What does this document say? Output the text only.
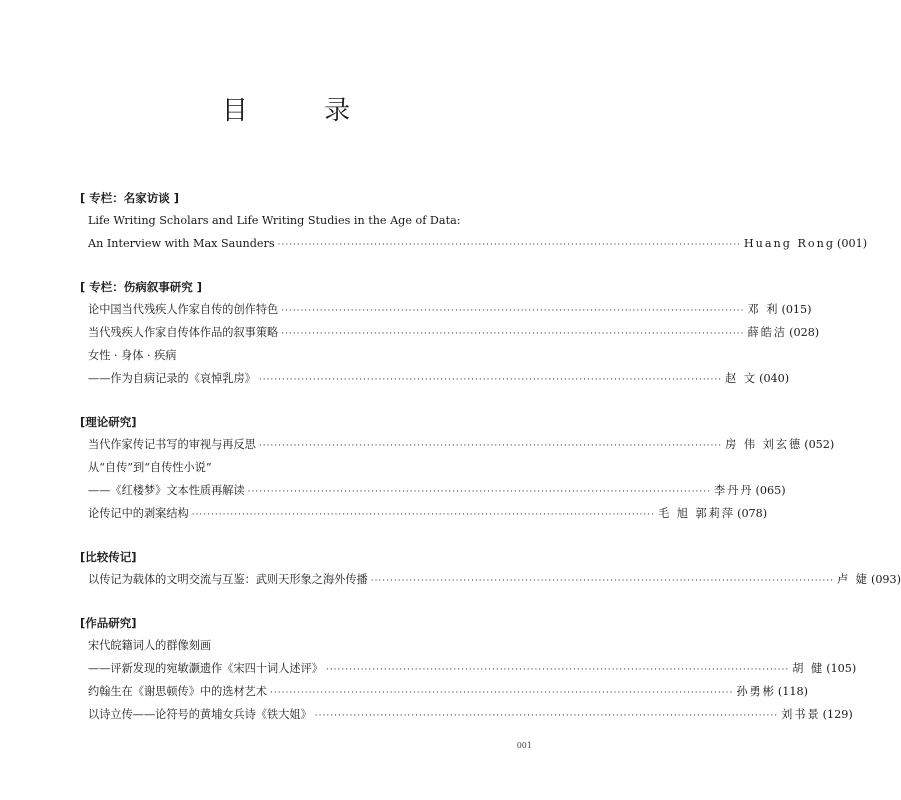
目 录
[ 专栏：名家访谈 ]
Life Writing Scholars and Life Writing Studies in the Age of Data:
An Interview with Max Saunders ························································································································ Huang Rong (001)
[ 专栏：伤病叙事研究 ]
论中国当代残疾人作家自传的创作特色 ························································································································ 邓 利 (015)
当代残疾人作家自传体作品的叙事策略 ························································································································ 薛皓洁 (028)
女性 · 身体 · 疾病
——作为自病记录的《哀悼乳房》 ························································································································ 赵 文 (040)
[理论研究]
当代作家传记书写的审视与再反思 ························································································································ 房 伟 刘玄德 (052)
从“自传”到“自传性小说”
——《红楼梦》文本性质再解读 ························································································································ 李丹丹 (065)
论传记中的剥案结构 ························································································································ 毛 旭 郭莉萍 (078)
[比较传记]
以传记为载体的文明交流与互鉴：武则天形象之海外传播 ························································································································ 卢 婕 (093)
[作品研究]
宋代皖籍词人的群像刻画
——评新发现的宛敏灏遗作《宋四十词人述评》 ························································································································ 胡 健 (105)
约翰生在《谢思顿传》中的选材艺术 ························································································································ 孙勇彬 (118)
以诗立传——论符号的黄埔女兵诗《铁大姐》 ························································································································ 刘书景 (129)
001
